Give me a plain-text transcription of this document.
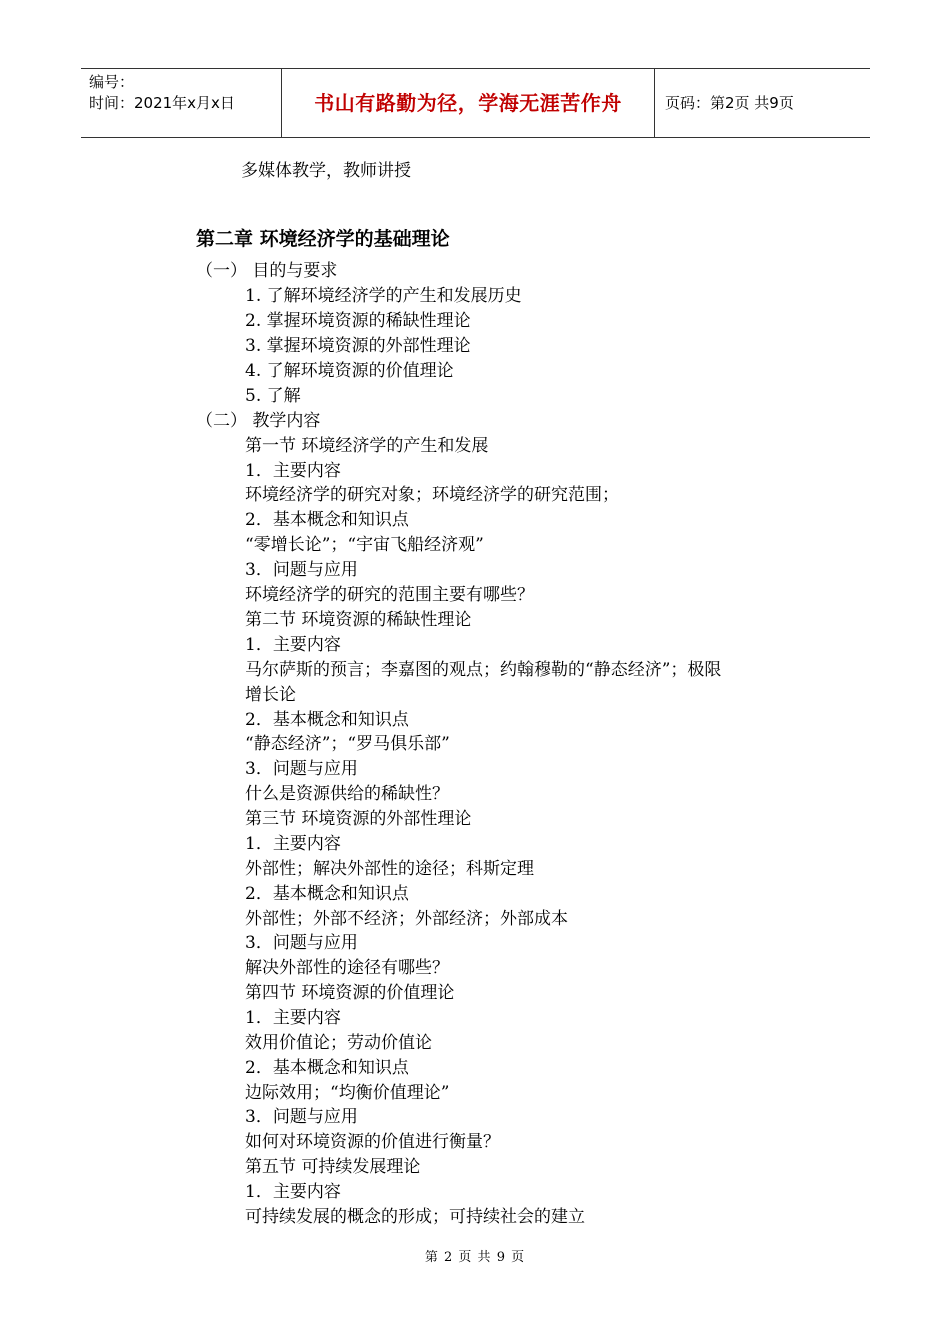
编号：
时间：2021年x月x日	书山有路勤为径，学海无涯苦作舟	页码：第2页 共9页
多媒体教学，教师讲授
第二章 环境经济学的基础理论
（一） 目的与要求
1. 了解环境经济学的产生和发展历史
2. 掌握环境资源的稀缺性理论
3. 掌握环境资源的外部性理论
4. 了解环境资源的价值理论
5. 了解
（二） 教学内容
第一节 环境经济学的产生和发展
1．主要内容
环境经济学的研究对象；环境经济学的研究范围；
2．基本概念和知识点
“零增长论”；“宇宙飞船经济观”
3．问题与应用
环境经济学的研究的范围主要有哪些？
第二节 环境资源的稀缺性理论
1．主要内容
马尔萨斯的预言；李嘉图的观点；约翰穆勒的“静态经济”；极限
增长论
2．基本概念和知识点
“静态经济”；“罗马俱乐部”
3．问题与应用
什么是资源供给的稀缺性？
第三节 环境资源的外部性理论
1．主要内容
外部性；解决外部性的途径；科斯定理
2．基本概念和知识点
外部性；外部不经济；外部经济；外部成本
3．问题与应用
解决外部性的途径有哪些？
第四节 环境资源的价值理论
1．主要内容
效用价值论；劳动价值论
2．基本概念和知识点
边际效用；“均衡价值理论”
3．问题与应用
如何对环境资源的价值进行衡量？
第五节 可持续发展理论
1．主要内容
可持续发展的概念的形成；可持续社会的建立
第 2 页 共 9 页
